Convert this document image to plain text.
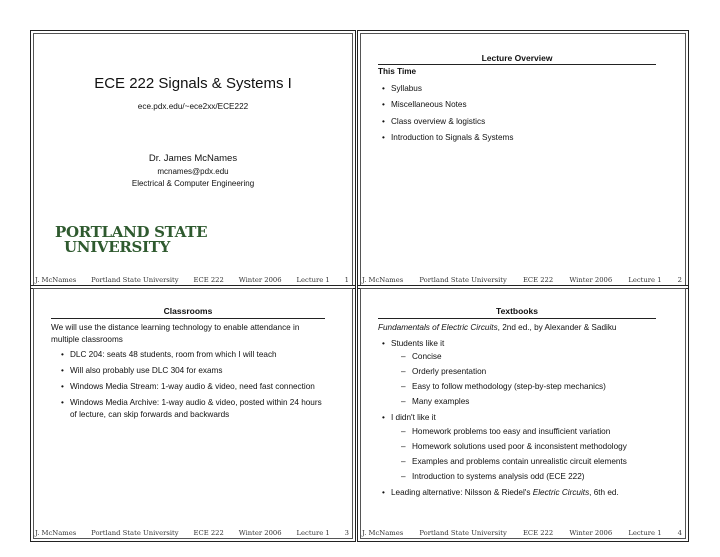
ECE 222 Signals & Systems I
ece.pdx.edu/~ece2xx/ECE222
Dr. James McNames
mcnames@pdx.edu
Electrical & Computer Engineering
PORTLAND STATE
UNIVERSITY
J. McNames Portland State University ECE 222 Winter 2006 Lecture 1 1
Lecture Overview
This Time
• Syllabus
• Miscellaneous Notes
• Class overview & logistics
• Introduction to Signals & Systems
J. McNames Portland State University ECE 222 Winter 2006 Lecture 1 2
Classrooms
We will use the distance learning technology to enable attendance in multiple classrooms
• DLC 204: seats 48 students, room from which I will teach
• Will also probably use DLC 304 for exams
• Windows Media Stream: 1-way audio & video, need fast connection
• Windows Media Archive: 1-way audio & video, posted within 24 hours of lecture, can skip forwards and backwards
J. McNames Portland State University ECE 222 Winter 2006 Lecture 1 3
Textbooks
Fundamentals of Electric Circuits, 2nd ed., by Alexander & Sadiku
• Students like it
– Concise
– Orderly presentation
– Easy to follow methodology (step-by-step mechanics)
– Many examples
• I didn't like it
– Homework problems too easy and insufficient variation
– Homework solutions used poor & inconsistent methodology
– Examples and problems contain unrealistic circuit elements
– Introduction to systems analysis odd (ECE 222)
• Leading alternative: Nilsson & Riedel's Electric Circuits, 6th ed.
J. McNames Portland State University ECE 222 Winter 2006 Lecture 1 4
